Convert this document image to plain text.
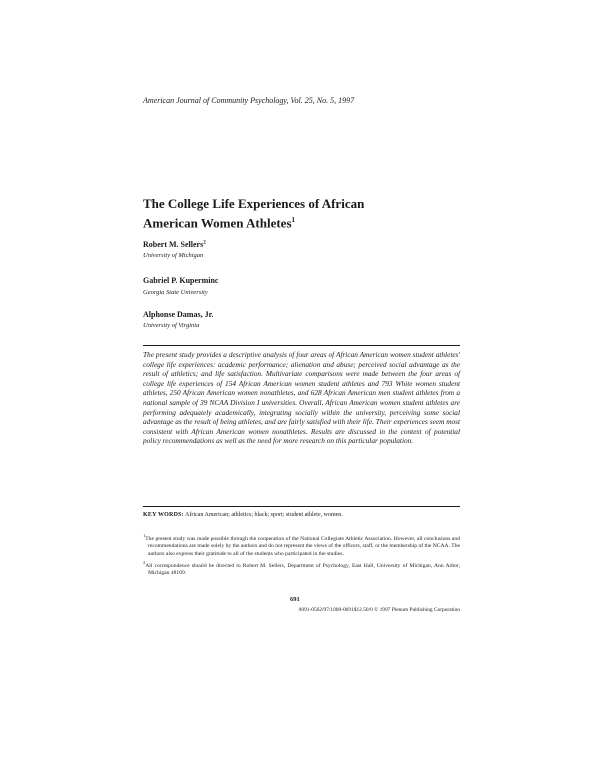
American Journal of Community Psychology, Vol. 25, No. 5, 1997
The College Life Experiences of African
American Women Athletes$^1$
Robert M. Sellers$^2$
University of Michigan
Gabriel P. Kuperminc
Georgia State University
Alphonse Damas, Jr.
University of Virginia
The present study provides a descriptive analysis of four areas of African American women student athletes' college life experiences: academic performance; alienation and abuse; perceived social advantage as the result of athletics; and life satisfaction. Multivariate comparisons were made between the four areas of college life experiences of 154 African American women student athletes and 793 White women student athletes, 250 African American women nonathletes, and 628 African American men student athletes from a national sample of 39 NCAA Division I universities. Overall, African American women student athletes are performing adequately academically, integrating socially within the university, perceiving some social advantage as the result of being athletes, and are fairly satisfied with their life. Their experiences seem most consistent with African American women nonathletes. Results are discussed in the context of potential policy recommendations as well as the need for more research on this particular population.
KEY WORDS: African American; athletics; black; sport; student athlete, women.

$^1$The present study was made possible through the cooperation of the National Collegiate Athletic Association. However, all conclusions and recommendations are made solely by the authors and do not represent the views of the officers, staff, or the membership of the NCAA. The authors also express their gratitude to all of the students who participated in the studies.

$^2$All correspondence should be directed to Robert M. Sellers, Department of Psychology, East Hall, University of Michigan, Ann Arbor, Michigan 48109.

691
0091-0562/97/1000-0691$12.50/0 © 1997 Plenum Publishing Corporation
